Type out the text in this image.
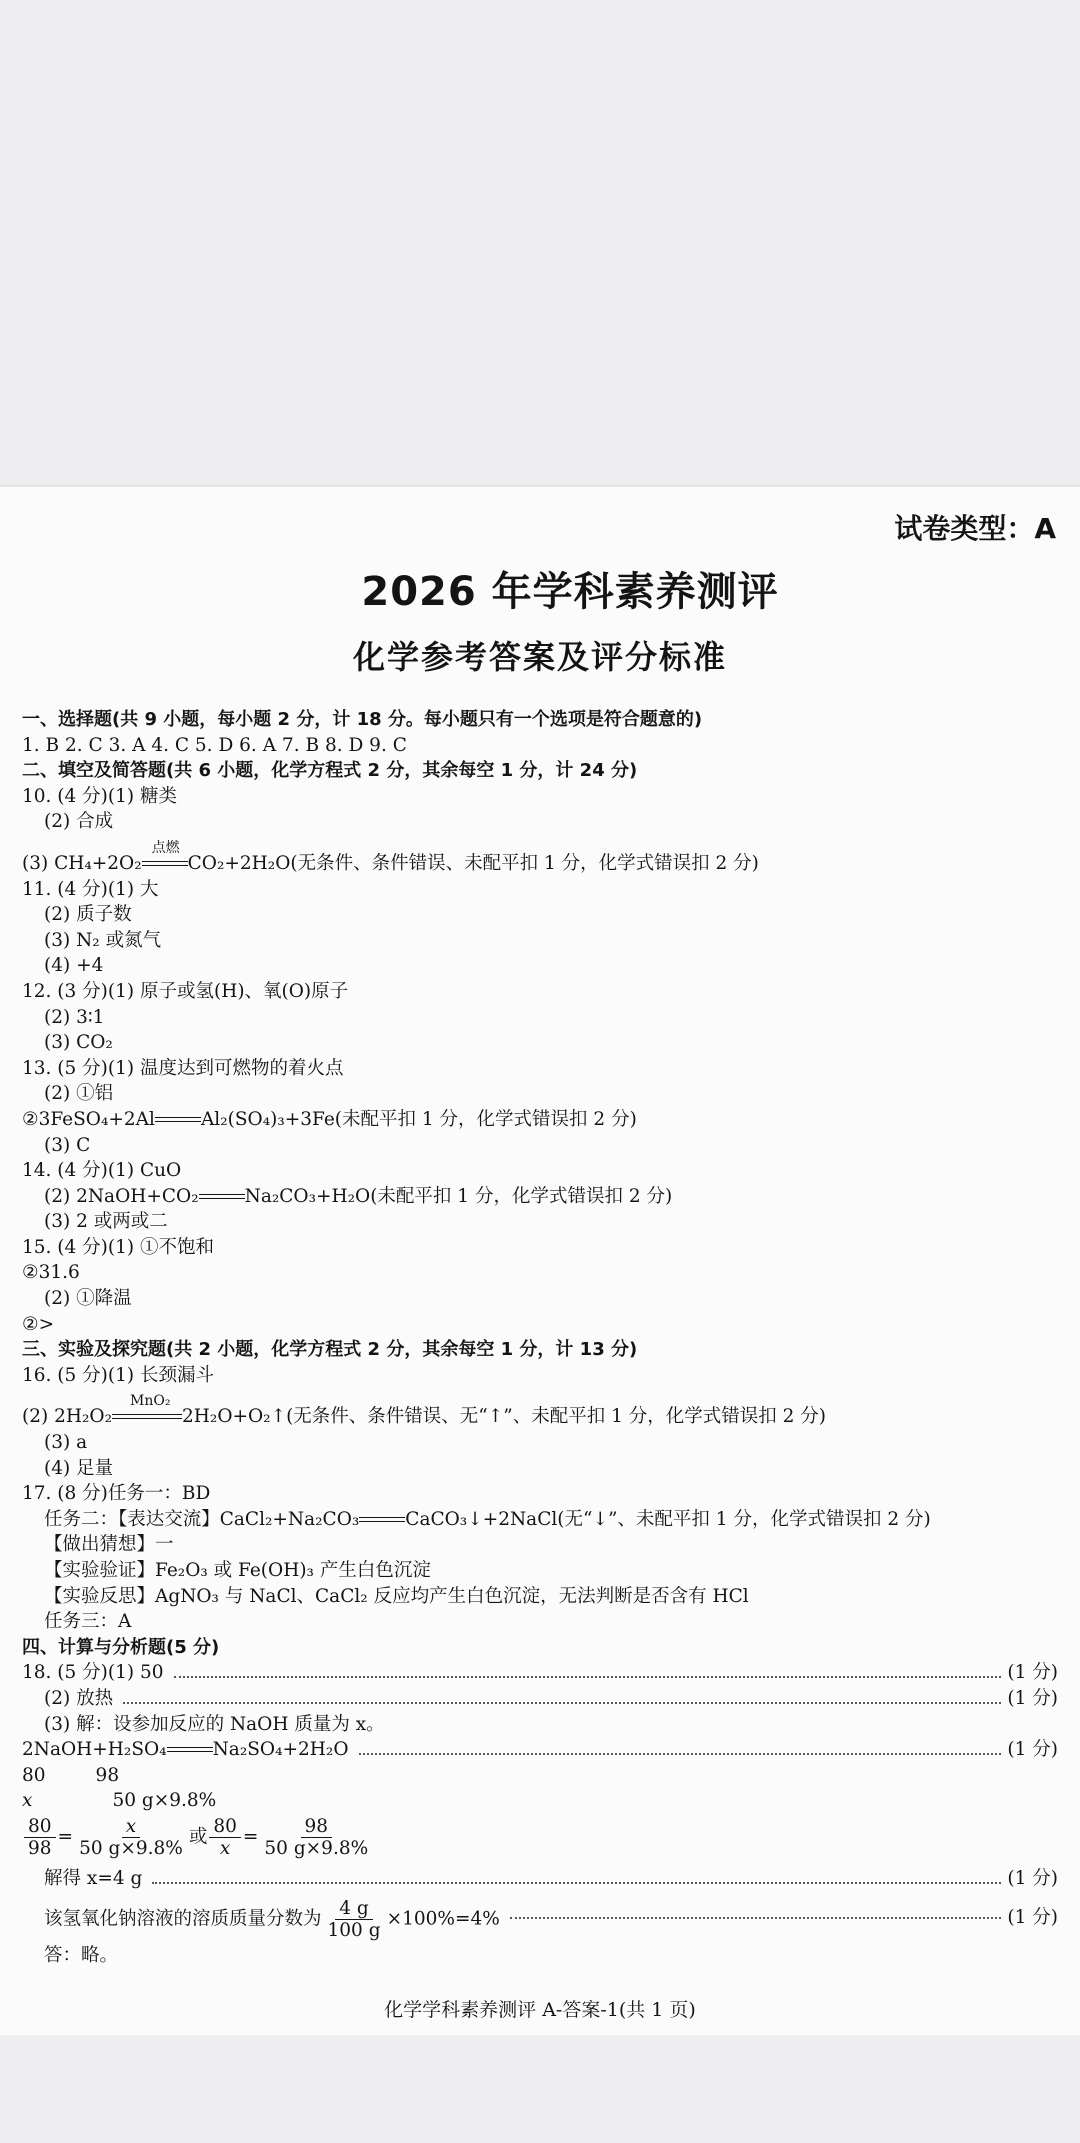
试卷类型：A
2026 年学科素养测评
化学参考答案及评分标准
一、选择题(共 9 小题，每小题 2 分，计 18 分。每小题只有一个选项是符合题意的)
1. B 2. C 3. A 4. C 5. D 6. A 7. B 8. D 9. C
二、填空及简答题(共 6 小题，化学方程式 2 分，其余每空 1 分，计 24 分)
10. (4 分)(1) 糖类
(2) 合成
(3) CH₄+2O₂
点燃
CO₂+2H₂O(无条件、条件错误、未配平扣 1 分，化学式错误扣 2 分)
11. (4 分)(1) 大
(2) 质子数
(3) N₂ 或氮气
(4) +4
12. (3 分)(1) 原子或氢(H)、氧(O)原子
(2) 3∶1
(3) CO₂
13. (5 分)(1) 温度达到可燃物的着火点
(2) ①铝
②3FeSO₄+2Al Al₂(SO₄)₃+3Fe(未配平扣 1 分，化学式错误扣 2 分)
(3) C
14. (4 分)(1) CuO
(2) 2NaOH+CO₂ Na₂CO₃+H₂O(未配平扣 1 分，化学式错误扣 2 分)
(3) 2 或两或二
15. (4 分)(1) ①不饱和
②31.6
(2) ①降温
②>
三、实验及探究题(共 2 小题，化学方程式 2 分，其余每空 1 分，计 13 分)
16. (5 分)(1) 长颈漏斗
(2) 2H₂O₂
MnO₂
2H₂O+O₂↑(无条件、条件错误、无“↑”、未配平扣 1 分，化学式错误扣 2 分)
(3) a
(4) 足量
17. (8 分)任务一：BD
任务二：【表达交流】CaCl₂+Na₂CO₃ CaCO₃↓+2NaCl(无“↓”、未配平扣 1 分，化学式错误扣 2 分)
【做出猜想】一
【实验验证】Fe₂O₃ 或 Fe(OH)₃ 产生白色沉淀
【实验反思】AgNO₃ 与 NaCl、CaCl₂ 反应均产生白色沉淀，无法判断是否含有 HCl
任务三：A
四、计算与分析题(5 分)
18. (5 分)(1) 50	(1 分)
(2) 放热	(1 分)
(3) 解：设参加反应的 NaOH 质量为 x。
2NaOH+H₂SO₄ Na₂SO₄+2H₂O	(1 分)
80	98
x	50 g×9.8%
$\frac{80}{98} = \frac{x}{50 g\times 9.8\%}$ 或 $\frac{80}{x} = \frac{98}{50 g\times 9.8\%}$
解得 x=4 g	(1 分)
该氢氧化钠溶液的溶质质量分数为 $\frac{4 g}{100 g} \times 100\%=4\%$	(1 分)
答：略。
化学学科素养测评 A-答案-1(共 1 页)
